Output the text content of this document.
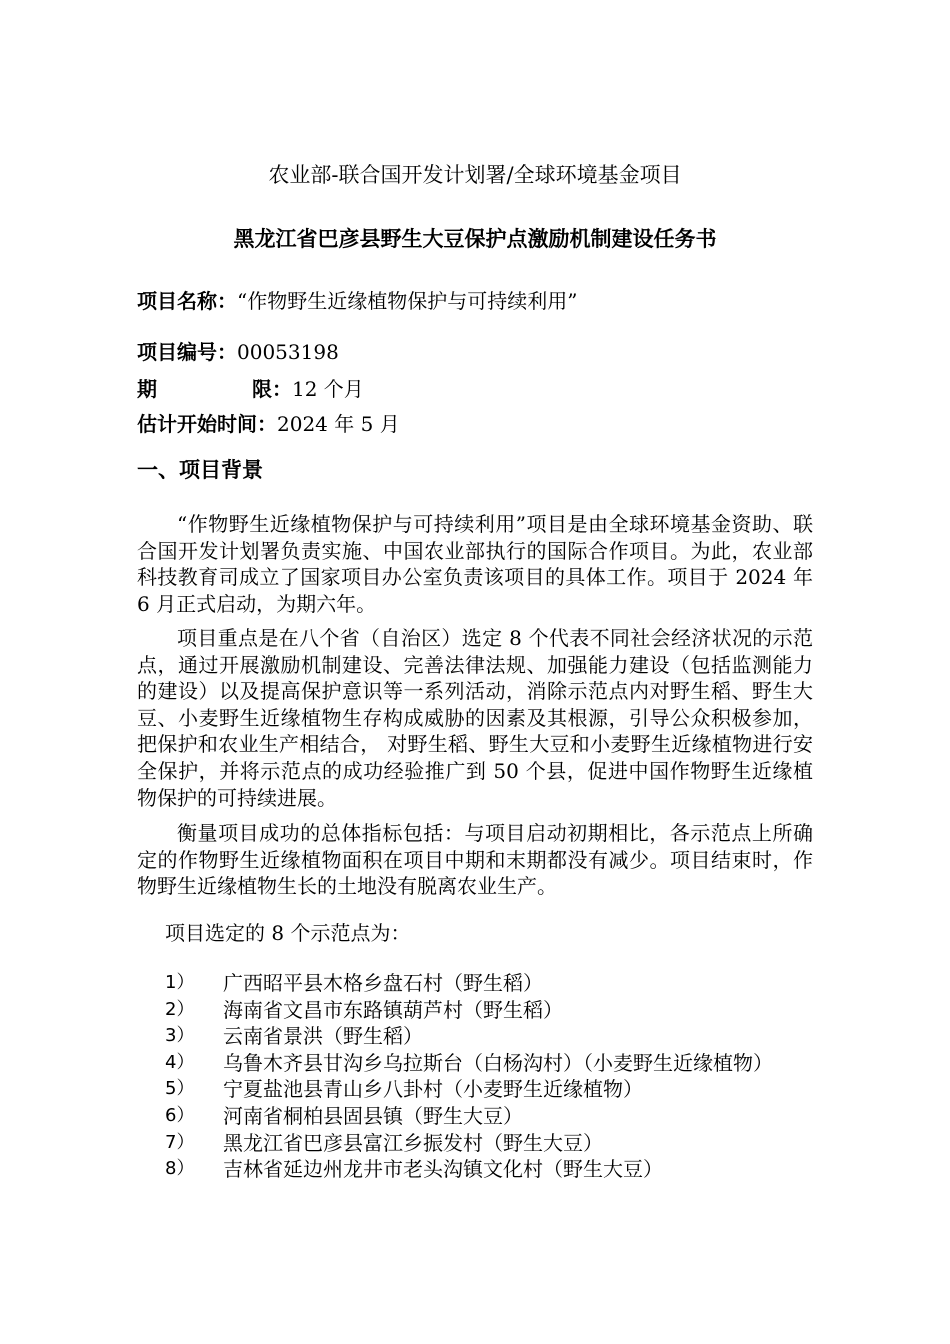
农业部-联合国开发计划署/全球环境基金项目
黑龙江省巴彦县野生大豆保护点激励机制建设任务书
项目名称：“作物野生近缘植物保护与可持续利用”
项目编号：00053198
期	限： 12 个月
估计开始时间：2024 年 5 月
一、项目背景

“作物野生近缘植物保护与可持续利用”项目是由全球环境基金资助、联合国开发计划署负责实施、中国农业部执行的国际合作项目。为此，农业部科技教育司成立了国家项目办公室负责该项目的具体工作。项目于 2024 年 6 月正式启动，为期六年。

项目重点是在八个省（自治区）选定 8 个代表不同社会经济状况的示范点，通过开展激励机制建设、完善法律法规、加强能力建设（包括监测能力的建设）以及提高保护意识等一系列活动，消除示范点内对野生稻、野生大豆、小麦野生近缘植物生存构成威胁的因素及其根源，引导公众积极参加，把保护和农业生产相结合， 对野生稻、野生大豆和小麦野生近缘植物进行安全保护，并将示范点的成功经验推广到 50 个县，促进中国作物野生近缘植物保护的可持续进展。

衡量项目成功的总体指标包括：与项目启动初期相比，各示范点上所确定的作物野生近缘植物面积在项目中期和末期都没有减少。项目结束时，作物野生近缘植物生长的土地没有脱离农业生产。

项目选定的 8 个示范点为：
1） 广西昭平县木格乡盘石村（野生稻）
2） 海南省文昌市东路镇葫芦村（野生稻）
3） 云南省景洪（野生稻）
4） 乌鲁木齐县甘沟乡乌拉斯台（白杨沟村）（小麦野生近缘植物）
5） 宁夏盐池县青山乡八卦村（小麦野生近缘植物）
6） 河南省桐柏县固县镇（野生大豆）
7） 黑龙江省巴彦县富江乡振发村（野生大豆）
8） 吉林省延边州龙井市老头沟镇文化村（野生大豆）
